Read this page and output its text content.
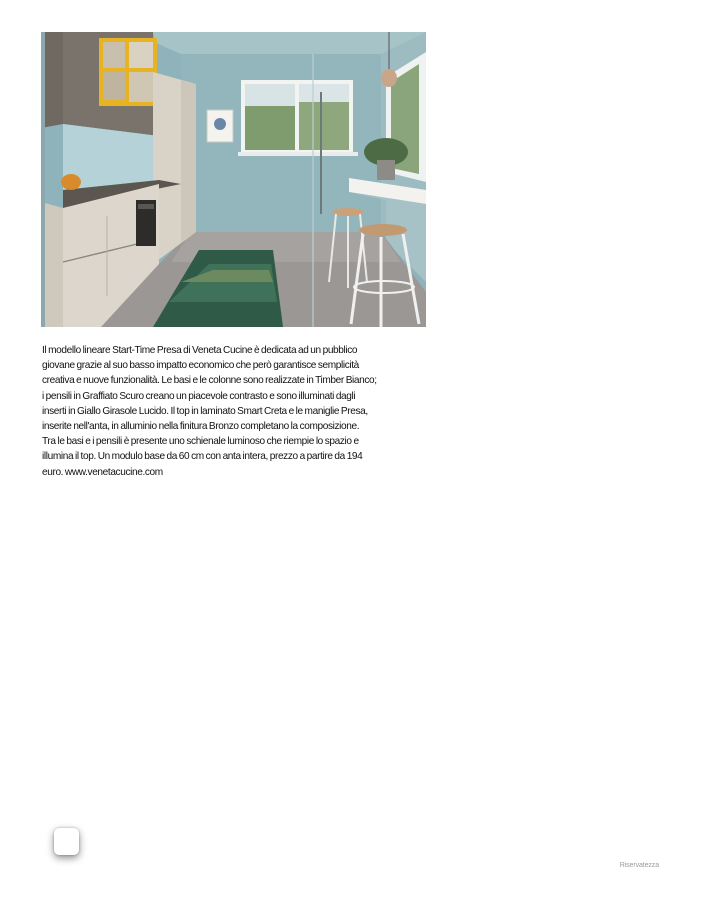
Il modello lineare Start-Time Presa di Veneta Cucine è dedicata ad un pubblico
giovane grazie al suo basso impatto economico che però garantisce semplicità
creativa e nuove funzionalità. Le basi e le colonne sono realizzate in Timber Bianco;
i pensili in Graffiato Scuro creano un piacevole contrasto e sono illuminati dagli
inserti in Giallo Girasole Lucido. Il top in laminato Smart Creta e le maniglie Presa,
inserite nell'anta, in alluminio nella finitura Bronzo completano la composizione.
Tra le basi e i pensili è presente uno schienale luminoso che riempie lo spazio e
illumina il top. Un modulo base da 60 cm con anta intera, prezzo a partire da 194
euro. www.venetacucine.com

Riservatezza
